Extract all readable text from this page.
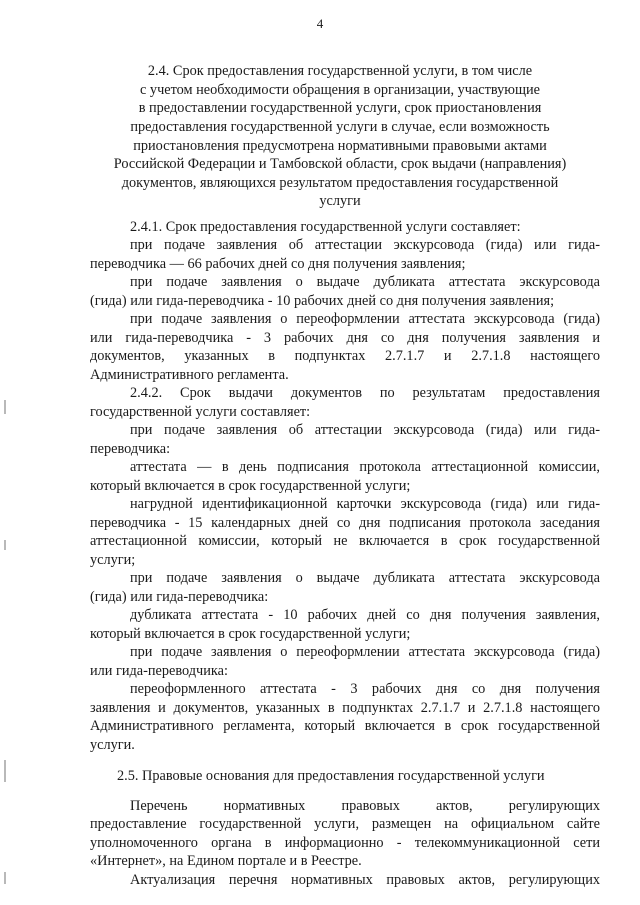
4
2.4. Срок предоставления государственной услуги, в том числе
с учетом необходимости обращения в организации, участвующие
в предоставлении государственной услуги, срок приостановления
предоставления государственной услуги в случае, если возможность
приостановления предусмотрена нормативными правовыми актами
Российской Федерации и Тамбовской области, срок выдачи (направления)
документов, являющихся результатом предоставления государственной
услуги
2.4.1. Срок предоставления государственной услуги составляет:
при подаче заявления об аттестации экскурсовода (гида) или гида-
переводчика — 66 рабочих дней со дня получения заявления;
при подаче заявления о выдаче дубликата аттестата экскурсовода
(гида) или гида-переводчика - 10 рабочих дней со дня получения заявления;
при подаче заявления о переоформлении аттестата экскурсовода (гида)
или гида-переводчика - 3 рабочих дня со дня получения заявления и
документов, указанных в подпунктах 2.7.1.7 и 2.7.1.8 настоящего
Административного регламента.
2.4.2. Срок выдачи документов по результатам предоставления
государственной услуги составляет:
при подаче заявления об аттестации экскурсовода (гида) или гида-
переводчика:
аттестата — в день подписания протокола аттестационной комиссии,
который включается в срок государственной услуги;
нагрудной идентификационной карточки экскурсовода (гида) или гида-
переводчика - 15 календарных дней со дня подписания протокола заседания
аттестационной комиссии, который не включается в срок государственной
услуги;
при подаче заявления о выдаче дубликата аттестата экскурсовода
(гида) или гида-переводчика:
дубликата аттестата - 10 рабочих дней со дня получения заявления,
который включается в срок государственной услуги;
при подаче заявления о переоформлении аттестата экскурсовода (гида)
или гида-переводчика:
переоформленного аттестата - 3 рабочих дня со дня получения
заявления и документов, указанных в подпунктах 2.7.1.7 и 2.7.1.8 настоящего
Административного регламента, который включается в срок государственной
услуги.
2.5. Правовые основания для предоставления государственной услуги
Перечень нормативных правовых актов, регулирующих
предоставление государственной услуги, размещен на официальном сайте
уполномоченного органа в информационно - телекоммуникационной сети
«Интернет», на Едином портале и в Реестре.
Актуализация перечня нормативных правовых актов, регулирующих
